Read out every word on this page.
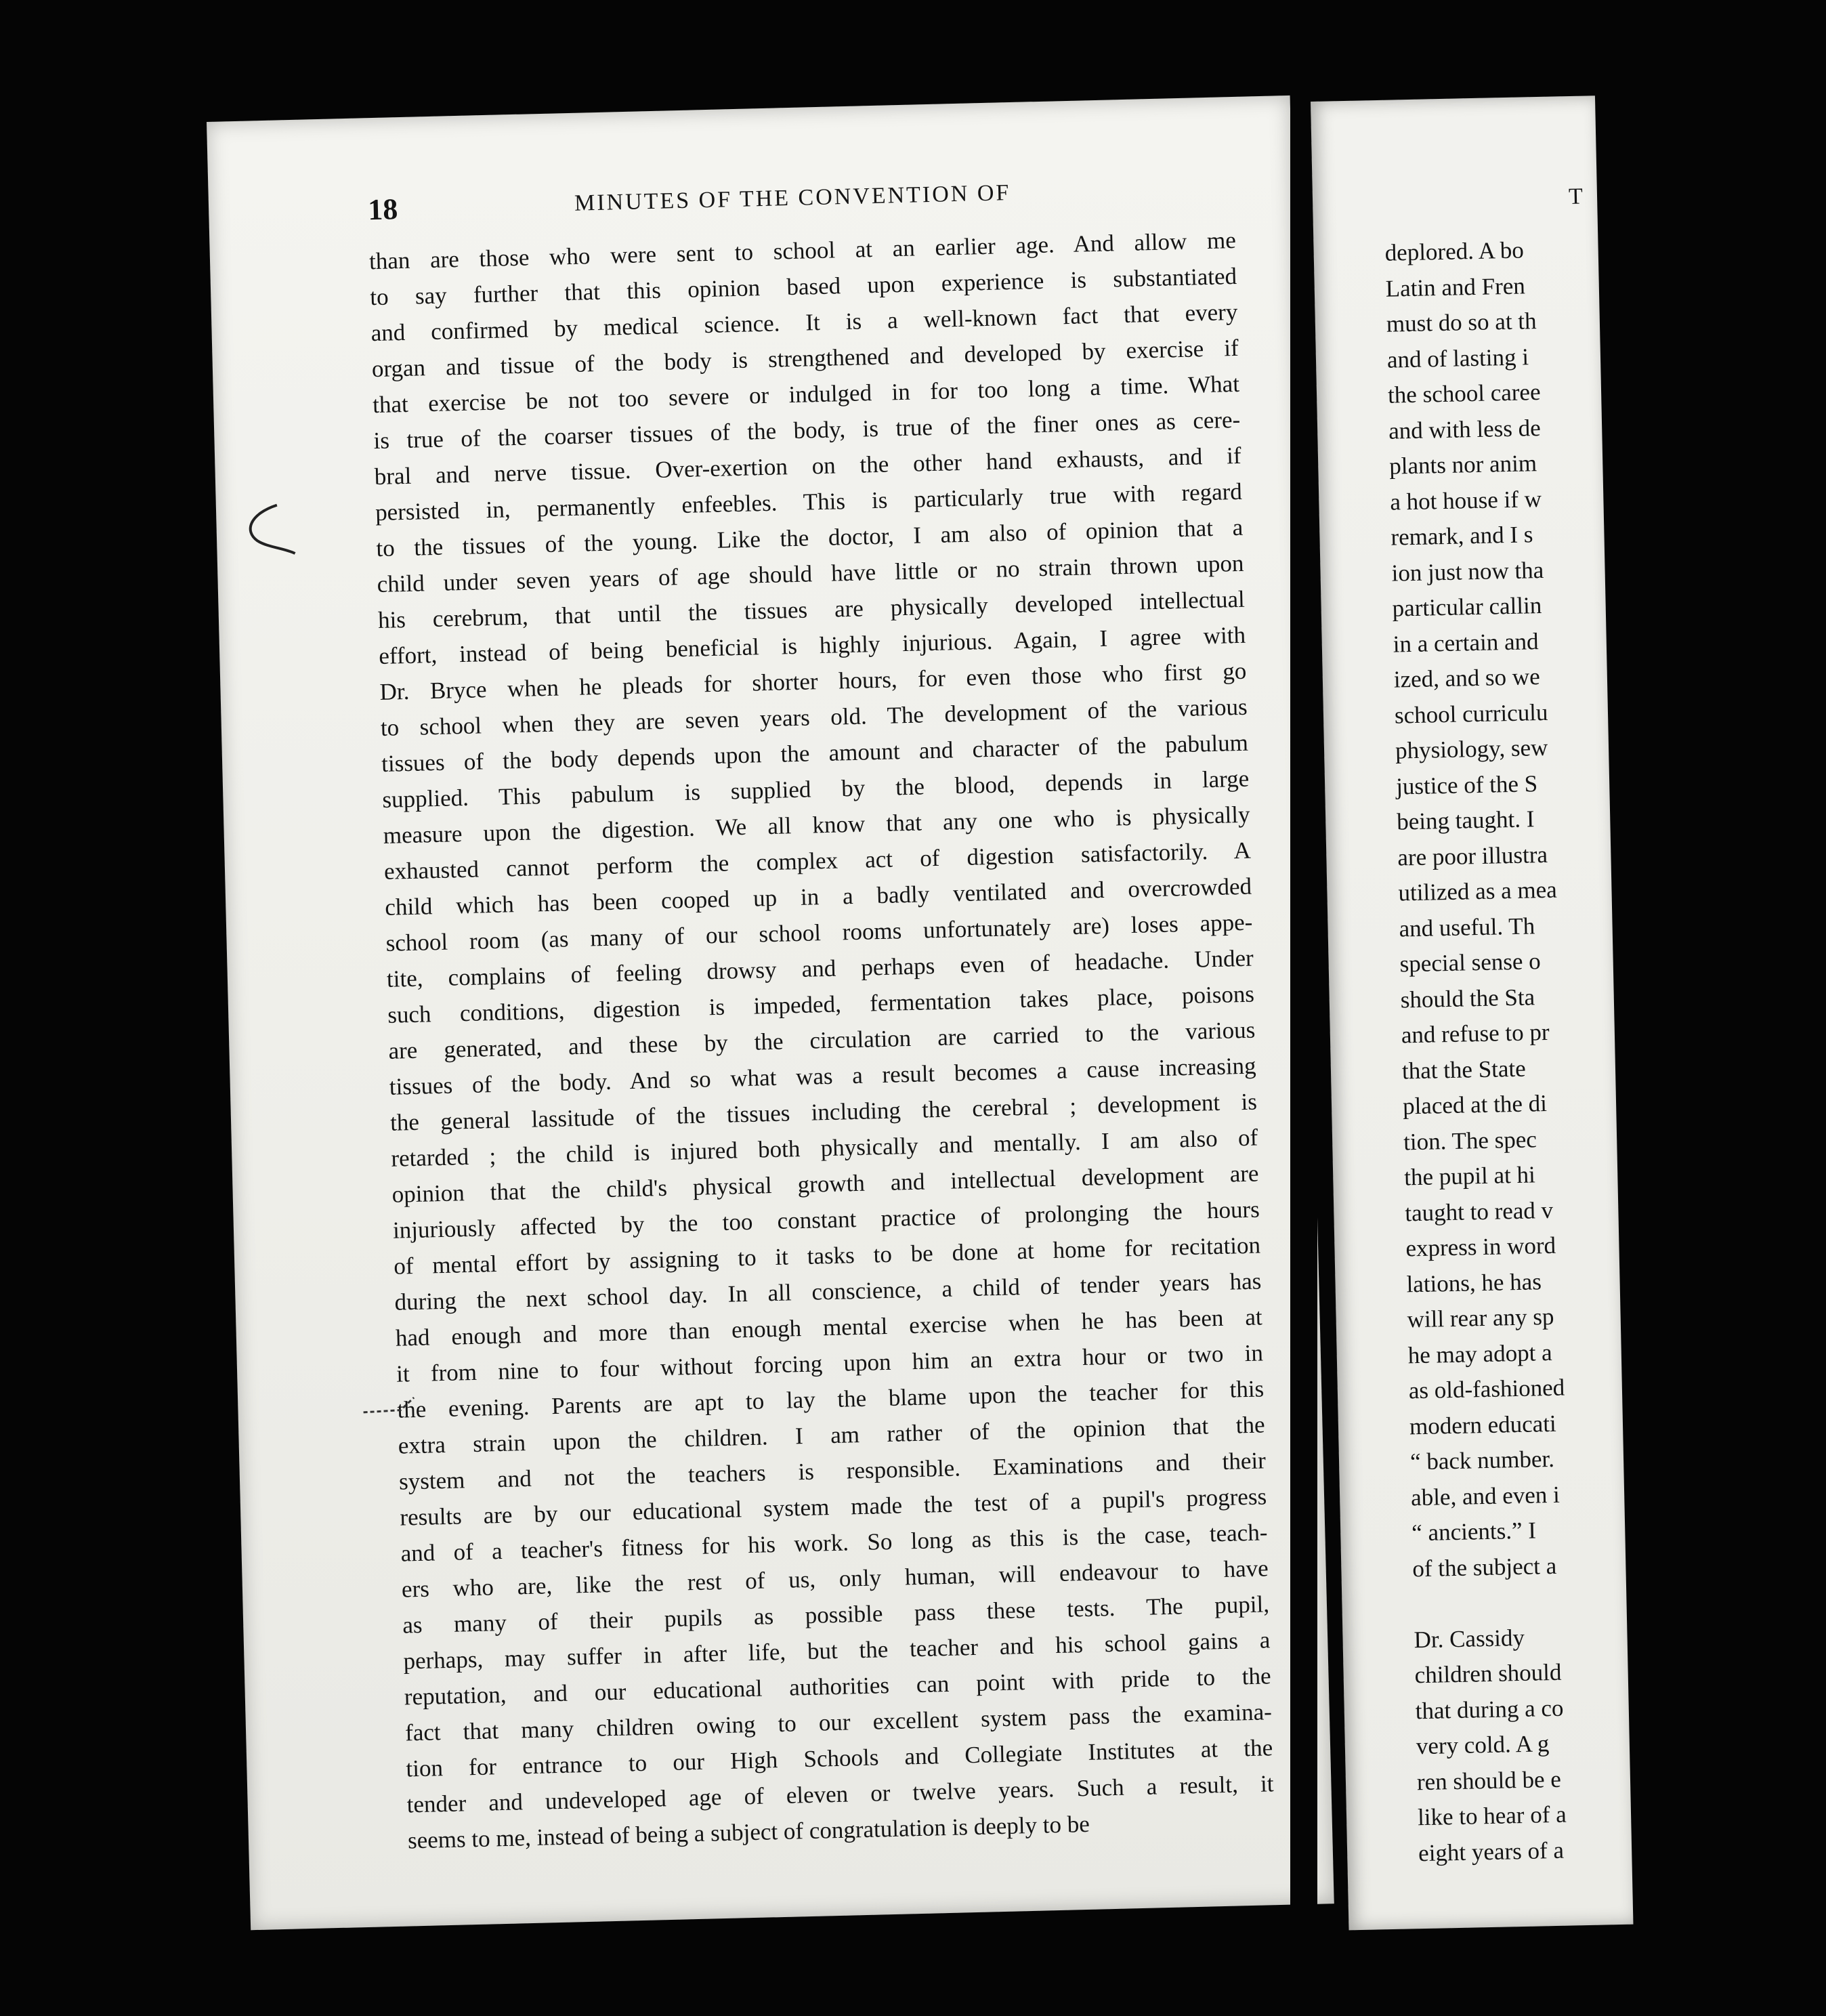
18	MINUTES OF THE CONVENTION OF
than are those who were sent to school at an earlier age. And allow me
to say further that this opinion based upon experience is substantiated
and confirmed by medical science. It is a well-known fact that every
organ and tissue of the body is strengthened and developed by exercise if
that exercise be not too severe or indulged in for too long a time. What
is true of the coarser tissues of the body, is true of the finer ones as cere-
bral and nerve tissue. Over-exertion on the other hand exhausts, and if
persisted in, permanently enfeebles. This is particularly true with regard
to the tissues of the young. Like the doctor, I am also of opinion that a
child under seven years of age should have little or no strain thrown upon
his cerebrum, that until the tissues are physically developed intellectual
effort, instead of being beneficial is highly injurious. Again, I agree with
Dr. Bryce when he pleads for shorter hours, for even those who first go
to school when they are seven years old. The development of the various
tissues of the body depends upon the amount and character of the pabulum
supplied. This pabulum is supplied by the blood, depends in large
measure upon the digestion. We all know that any one who is physically
exhausted cannot perform the complex act of digestion satisfactorily. A
child which has been cooped up in a badly ventilated and overcrowded
school room (as many of our school rooms unfortunately are) loses appe-
tite, complains of feeling drowsy and perhaps even of headache. Under
such conditions, digestion is impeded, fermentation takes place, poisons
are generated, and these by the circulation are carried to the various
tissues of the body. And so what was a result becomes a cause increasing
the general lassitude of the tissues including the cerebral ; development is
retarded ; the child is injured both physically and mentally. I am also of
opinion that the child's physical growth and intellectual development are
injuriously affected by the too constant practice of prolonging the hours
of mental effort by assigning to it tasks to be done at home for recitation
during the next school day. In all conscience, a child of tender years has
had enough and more than enough mental exercise when he has been at
it from nine to four without forcing upon him an extra hour or two in
the evening. Parents are apt to lay the blame upon the teacher for this
extra strain upon the children. I am rather of the opinion that the
system and not the teachers is responsible. Examinations and their
results are by our educational system made the test of a pupil's progress
and of a teacher's fitness for his work. So long as this is the case, teach-
ers who are, like the rest of us, only human, will endeavour to have
as many of their pupils as possible pass these tests. The pupil,
perhaps, may suffer in after life, but the teacher and his school gains a
reputation, and our educational authorities can point with pride to the
fact that many children owing to our excellent system pass the examina-
tion for entrance to our High Schools and Collegiate Institutes at the
tender and undeveloped age of eleven or twelve years. Such a result, it
seems to me, instead of being a subject of congratulation is deeply to be
T
deplored. A bo
Latin and Fren
must do so at th
and of lasting i
the school caree
and with less de
plants nor anim
a hot house if w
remark, and I s
ion just now tha
particular callin
in a certain and
ized, and so we
school curriculu
physiology, sew
justice of the S
being taught. I
are poor illustra
utilized as a mea
and useful. Th
special sense o
should the Sta
and refuse to pr
that the State
placed at the di
tion. The spec
the pupil at hi
taught to read v
express in word
lations, he has
will rear any sp
he may adopt a
as old-fashioned
modern educati
“ back number.
able, and even i
“ ancients.” I
of the subject a
Dr. Cassidy
children should
that during a co
very cold. A g
ren should be e
like to hear of a
eight years of a
